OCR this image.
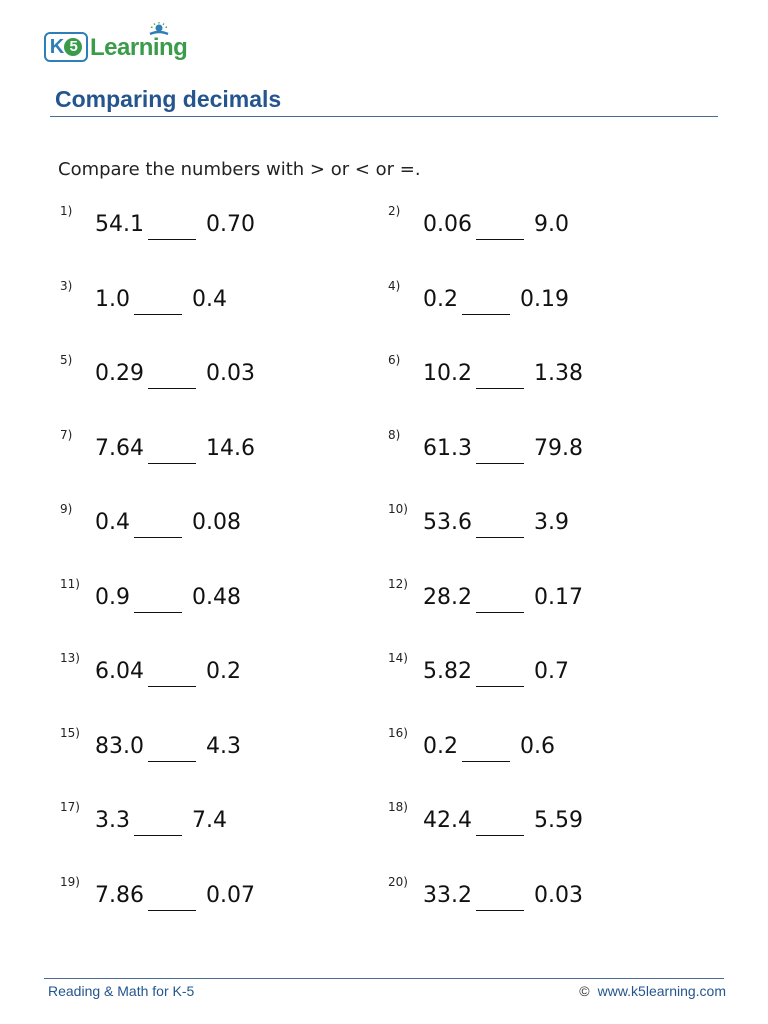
K 5 Learning
Comparing decimals
Compare the numbers with > or < or =.
1)
54.1	0.70
2)
0.06	9.0
3)
1.0	0.4
4)
0.2	0.19
5)
0.29	0.03
6)
10.2	1.38
7)
7.64	14.6
8)
61.3	79.8
9)
0.4	0.08
10)
53.6	3.9
11)
0.9	0.48
12)
28.2	0.17
13)
6.04	0.2
14)
5.82	0.7
15)
83.0	4.3
16)
0.2	0.6
17)
3.3	7.4
18)
42.4	5.59
19)
7.86	0.07
20)
33.2	0.03
Reading & Math for K-5	© www.k5learning.com
